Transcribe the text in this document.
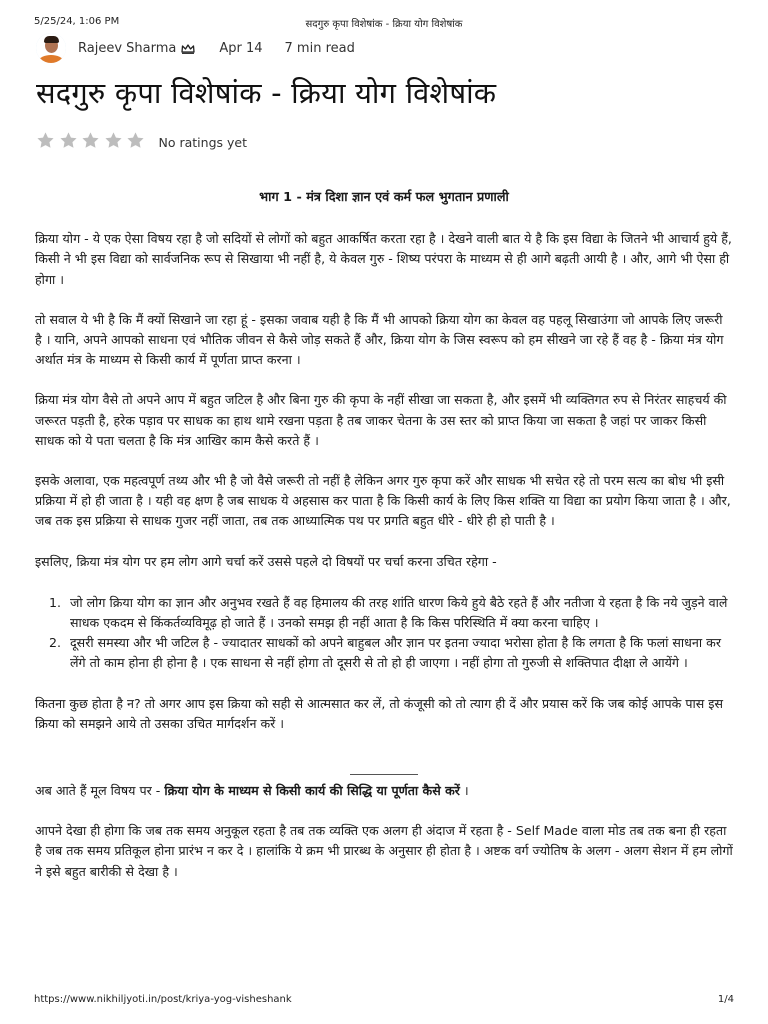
5/25/24, 1:06 PM	सदगुरु कृपा विशेषांक - क्रिया योग विशेषांक
Rajeev Sharma	Apr 14 7 min read
सदगुरु कृपा विशेषांक - क्रिया योग विशेषांक
No ratings yet

भाग 1 - मंत्र दिशा ज्ञान एवं कर्म फल भुगतान प्रणाली

क्रिया योग - ये एक ऐसा विषय रहा है जो सदियों से लोगों को बहुत आकर्षित करता रहा है । देखने वाली बात ये है कि इस विद्या के जितने भी आचार्य हुये हैं, किसी ने भी इस विद्या को सार्वजनिक रूप से सिखाया भी नहीं है, ये केवल गुरु - शिष्य परंपरा के माध्यम से ही आगे बढ़ती आयी है । और, आगे भी ऐसा ही होगा ।

तो सवाल ये भी है कि मैं क्यों सिखाने जा रहा हूं - इसका जवाब यही है कि मैं भी आपको क्रिया योग का केवल वह पहलू सिखाउंगा जो आपके लिए जरूरी है । यानि, अपने आपको साधना एवं भौतिक जीवन से कैसे जोड़ सकते हैं और, क्रिया योग के जिस स्वरूप को हम सीखने जा रहे हैं वह है - क्रिया मंत्र योग अर्थात मंत्र के माध्यम से किसी कार्य में पूर्णता प्राप्त करना ।

क्रिया मंत्र योग वैसे तो अपने आप में बहुत जटिल है और बिना गुरु की कृपा के नहीं सीखा जा सकता है, और इसमें भी व्यक्तिगत रुप से निरंतर साहचर्य की जरूरत पड़ती है, हरेक पड़ाव पर साधक का हाथ थामे रखना पड़ता है तब जाकर चेतना के उस स्तर को प्राप्त किया जा सकता है जहां पर जाकर किसी साधक को ये पता चलता है कि मंत्र आखिर काम कैसे करते हैं ।

इसके अलावा, एक महत्वपूर्ण तथ्य और भी है जो वैसे जरूरी तो नहीं है लेकिन अगर गुरु कृपा करें और साधक भी सचेत रहे तो परम सत्य का बोध भी इसी प्रक्रिया में हो ही जाता है । यही वह क्षण है जब साधक ये अहसास कर पाता है कि किसी कार्य के लिए किस शक्ति या विद्या का प्रयोग किया जाता है । और, जब तक इस प्रक्रिया से साधक गुजर नहीं जाता, तब तक आध्यात्मिक पथ पर प्रगति बहुत धीरे - धीरे ही हो पाती है ।

इसलिए, क्रिया मंत्र योग पर हम लोग आगे चर्चा करें उससे पहले दो विषयों पर चर्चा करना उचित रहेगा -

1. जो लोग क्रिया योग का ज्ञान और अनुभव रखते हैं वह हिमालय की तरह शांति धारण किये हुये बैठे रहते हैं और नतीजा ये रहता है कि नये जुड़ने वाले साधक एकदम से किंकर्तव्यविमूढ़ हो जाते हैं । उनको समझ ही नहीं आता है कि किस परिस्थिति में क्या करना चाहिए ।
2. दूसरी समस्या और भी जटिल है - ज्यादातर साधकों को अपने बाहुबल और ज्ञान पर इतना ज्यादा भरोसा होता है कि लगता है कि फलां साधना कर लेंगे तो काम होना ही होना है । एक साधना से नहीं होगा तो दूसरी से तो हो ही जाएगा । नहीं होगा तो गुरुजी से शक्तिपात दीक्षा ले आयेंगे ।

कितना कुछ होता है न? तो अगर आप इस क्रिया को सही से आत्मसात कर लें, तो कंजूसी को तो त्याग ही दें और प्रयास करें कि जब कोई आपके पास इस क्रिया को समझने आये तो उसका उचित मार्गदर्शन करें ।

अब आते हैं मूल विषय पर - क्रिया योग के माध्यम से किसी कार्य की सिद्धि या पूर्णता कैसे करें ।

आपने देखा ही होगा कि जब तक समय अनुकूल रहता है तब तक व्यक्ति एक अलग ही अंदाज में रहता है - Self Made वाला मोड तब तक बना ही रहता है जब तक समय प्रतिकूल होना प्रारंभ न कर दे । हालांकि ये क्रम भी प्रारब्ध के अनुसार ही होता है । अष्टक वर्ग ज्योतिष के अलग - अलग सेशन में हम लोगों ने इसे बहुत बारीकी से देखा है ।

https://www.nikhiljyoti.in/post/kriya-yog-visheshank	1/4
